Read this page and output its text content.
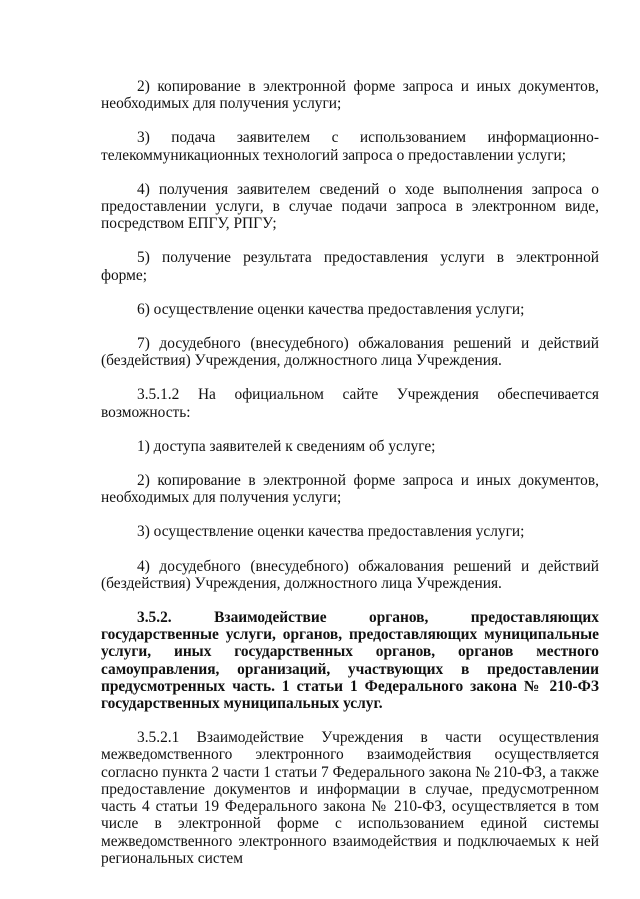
2) копирование в электронной форме запроса и иных документов, необходимых для получения услуги;

3) подача заявителем с использованием информационно-телекоммуникационных технологий запроса о предоставлении услуги;

4) получения заявителем сведений о ходе выполнения запроса о предоставлении услуги, в случае подачи запроса в электронном виде, посредством ЕПГУ, РПГУ;

5) получение результата предоставления услуги в электронной форме;

6) осуществление оценки качества предоставления услуги;

7) досудебного (внесудебного) обжалования решений и действий (бездействия) Учреждения, должностного лица Учреждения.

3.5.1.2 На официальном сайте Учреждения обеспечивается возможность:

1) доступа заявителей к сведениям об услуге;

2) копирование в электронной форме запроса и иных документов, необходимых для получения услуги;

3) осуществление оценки качества предоставления услуги;

4) досудебного (внесудебного) обжалования решений и действий (бездействия) Учреждения, должностного лица Учреждения.

3.5.2. Взаимодействие органов, предоставляющих государственные услуги, органов, предоставляющих муниципальные услуги, иных государственных органов, органов местного самоуправления, организаций, участвующих в предоставлении предусмотренных часть. 1 статьи 1 Федерального закона № 210-ФЗ государственных муниципальных услуг.

3.5.2.1 Взаимодействие Учреждения в части осуществления межведомственного электронного взаимодействия осуществляется согласно пункта 2 части 1 статьи 7 Федерального закона № 210-ФЗ, а также предоставление документов и информации в случае, предусмотренном часть 4 статьи 19 Федерального закона № 210-ФЗ, осуществляется в том числе в электронной форме с использованием единой системы межведомственного электронного взаимодействия и подключаемых к ней региональных систем
